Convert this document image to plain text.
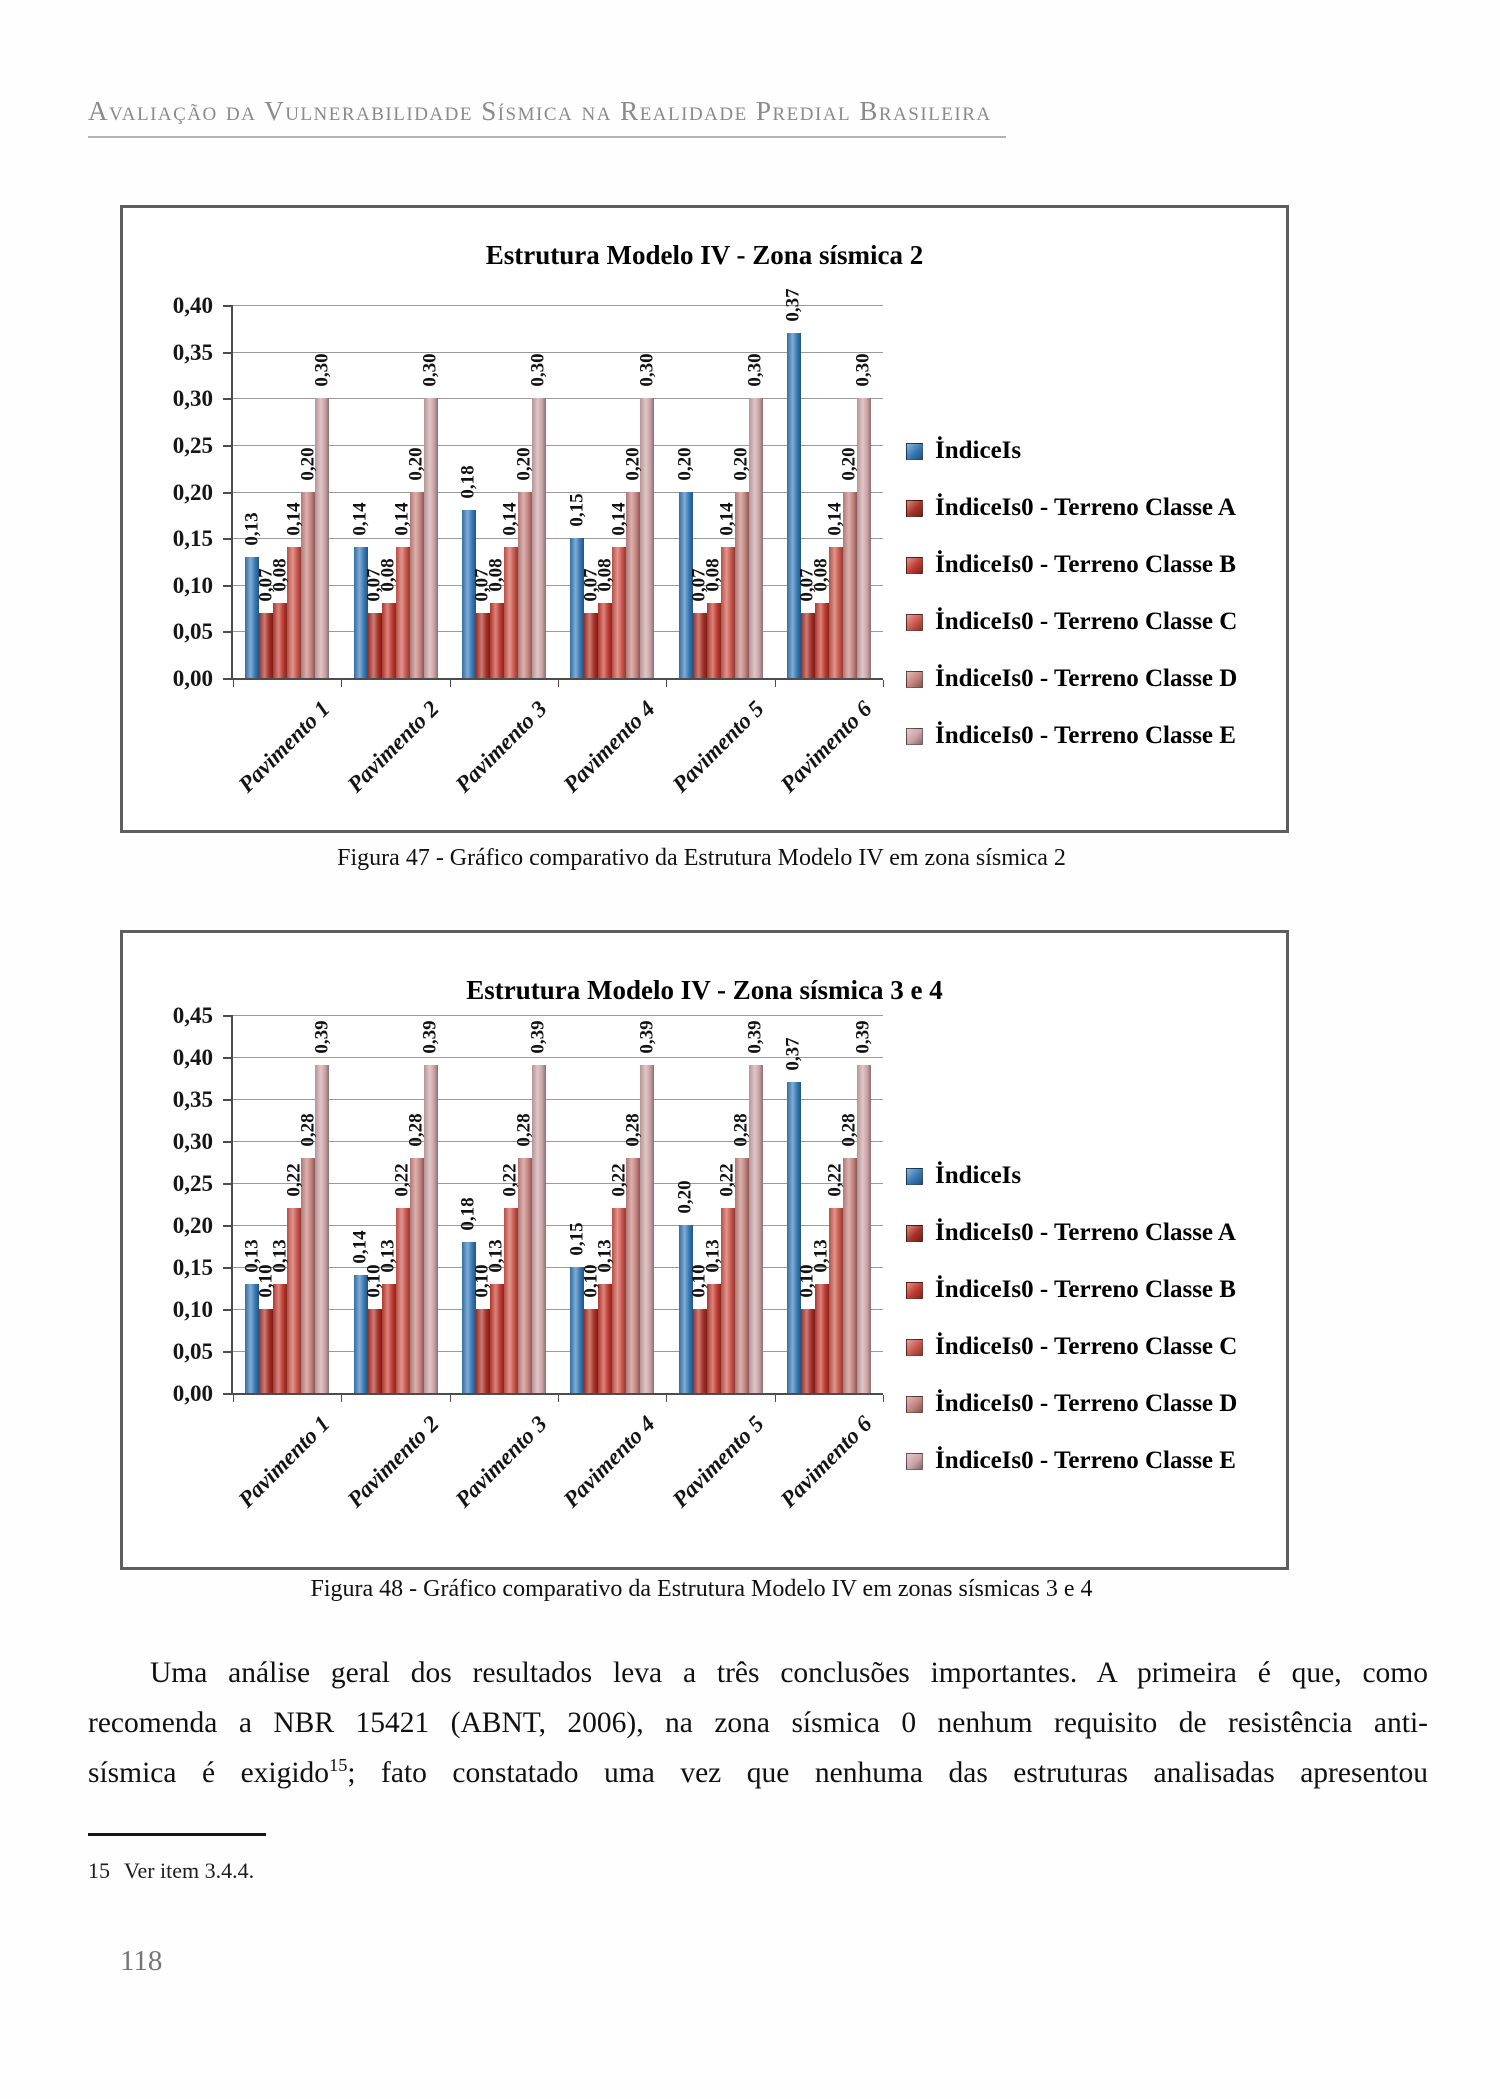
Avaliação da Vulnerabilidade Sísmica na Realidade Predial Brasileira
Estrutura Modelo IV - Zona sísmica 2
0,00
0,05
0,10
0,15
0,20
0,25
0,30
0,35
0,40
0,13	0,14
0,18
0,15
0,20
0,37
0,07	0,07	0,07	0,07	0,07	0,07
0,08	0,08	0,08	0,08	0,08	0,08
0,14	0,14	0,14	0,14	0,14	0,14
0,20	0,20	0,20	0,20	0,20	0,20
0,30	0,30	0,30	0,30	0,30	0,30
Pavimento 1 Pavimento 2 Pavimento 3 Pavimento 4 Pavimento 5 Pavimento 6
İndiceIs
İndiceIs0 - Terreno Classe A
İndiceIs0 - Terreno Classe B
İndiceIs0 - Terreno Classe C
İndiceIs0 - Terreno Classe D
İndiceIs0 - Terreno Classe E
Figura 47 - Gráfico comparativo da Estrutura Modelo IV em zona sísmica 2
Estrutura Modelo IV - Zona sísmica 3 e 4
0,00
0,05
0,10
0,15
0,20
0,25
0,30
0,35
0,40
0,45
0,13	0,14
0,18
0,15
0,20
0,37
0,10	0,10	0,10	0,10	0,10	0,10
0,13	0,13	0,13	0,13	0,13	0,13
0,22	0,22	0,22	0,22	0,22	0,22
0,28	0,28	0,28	0,28	0,28	0,28
0,39	0,39	0,39	0,39	0,39	0,39
Pavimento 1 Pavimento 2 Pavimento 3 Pavimento 4 Pavimento 5 Pavimento 6
İndiceIs
İndiceIs0 - Terreno Classe A
İndiceIs0 - Terreno Classe B
İndiceIs0 - Terreno Classe C
İndiceIs0 - Terreno Classe D
İndiceIs0 - Terreno Classe E
Figura 48 - Gráfico comparativo da Estrutura Modelo IV em zonas sísmicas 3 e 4
Uma análise geral dos resultados leva a três conclusões importantes. A primeira é que, como
recomenda a NBR 15421 (ABNT, 2006), na zona sísmica 0 nenhum requisito de resistência anti-
sísmica é exigido$^{15}$; fato constatado uma vez que nenhuma das estruturas analisadas apresentou
15 Ver item 3.4.4.
118
